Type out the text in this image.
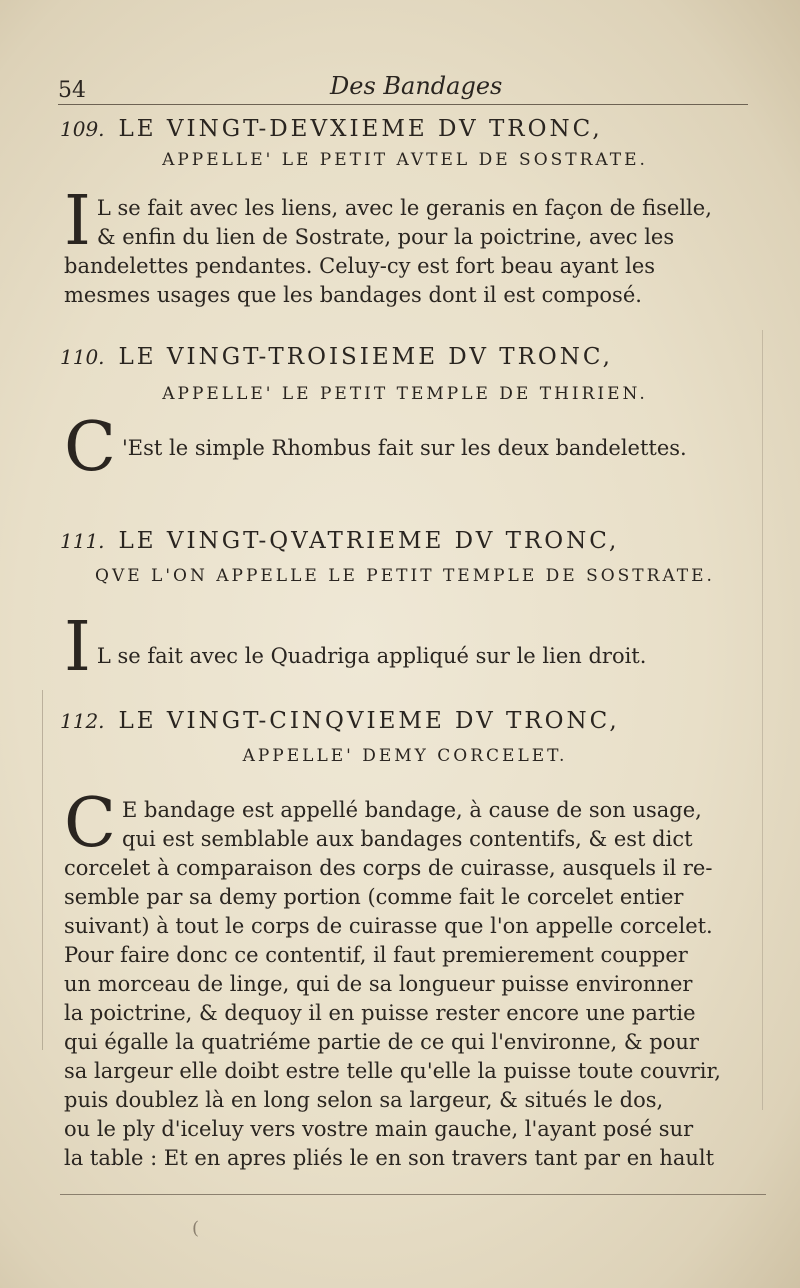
54	Des Bandages
109. LE VINGT-DEVXIEME DV TRONC,
APPELLE' LE PETIT AVTEL DE SOSTRATE.
I L se fait avec les liens, avec le geranis en façon de fiselle,
& enfin du lien de Sostrate, pour la poictrine, avec les
bandelettes pendantes. Celuy-cy est fort beau ayant les
mesmes usages que les bandages dont il est composé.
110. LE VINGT-TROISIEME DV TRONC,
APPELLE' LE PETIT TEMPLE DE THIRIEN.
C 'Est le simple Rhombus fait sur les deux bandelettes.
111. LE VINGT-QVATRIEME DV TRONC,
QVE L'ON APPELLE LE PETIT TEMPLE DE SOSTRATE.
I L se fait avec le Quadriga appliqué sur le lien droit.
112. LE VINGT-CINQVIEME DV TRONC,
APPELLE' DEMY CORCELET.
C E bandage est appellé bandage, à cause de son usage,
qui est semblable aux bandages contentifs, & est dict
corcelet à comparaison des corps de cuirasse, ausquels il re-
semble par sa demy portion (comme fait le corcelet entier
suivant) à tout le corps de cuirasse que l'on appelle corcelet.
Pour faire donc ce contentif, il faut premierement coupper
un morceau de linge, qui de sa longueur puisse environner
la poictrine, & dequoy il en puisse rester encore une partie
qui égalle la quatriéme partie de ce qui l'environne, & pour
sa largeur elle doibt estre telle qu'elle la puisse toute couvrir,
puis doublez là en long selon sa largeur, & situés le dos,
ou le ply d'iceluy vers vostre main gauche, l'ayant posé sur
la table : Et en apres pliés le en son travers tant par en hault
(
